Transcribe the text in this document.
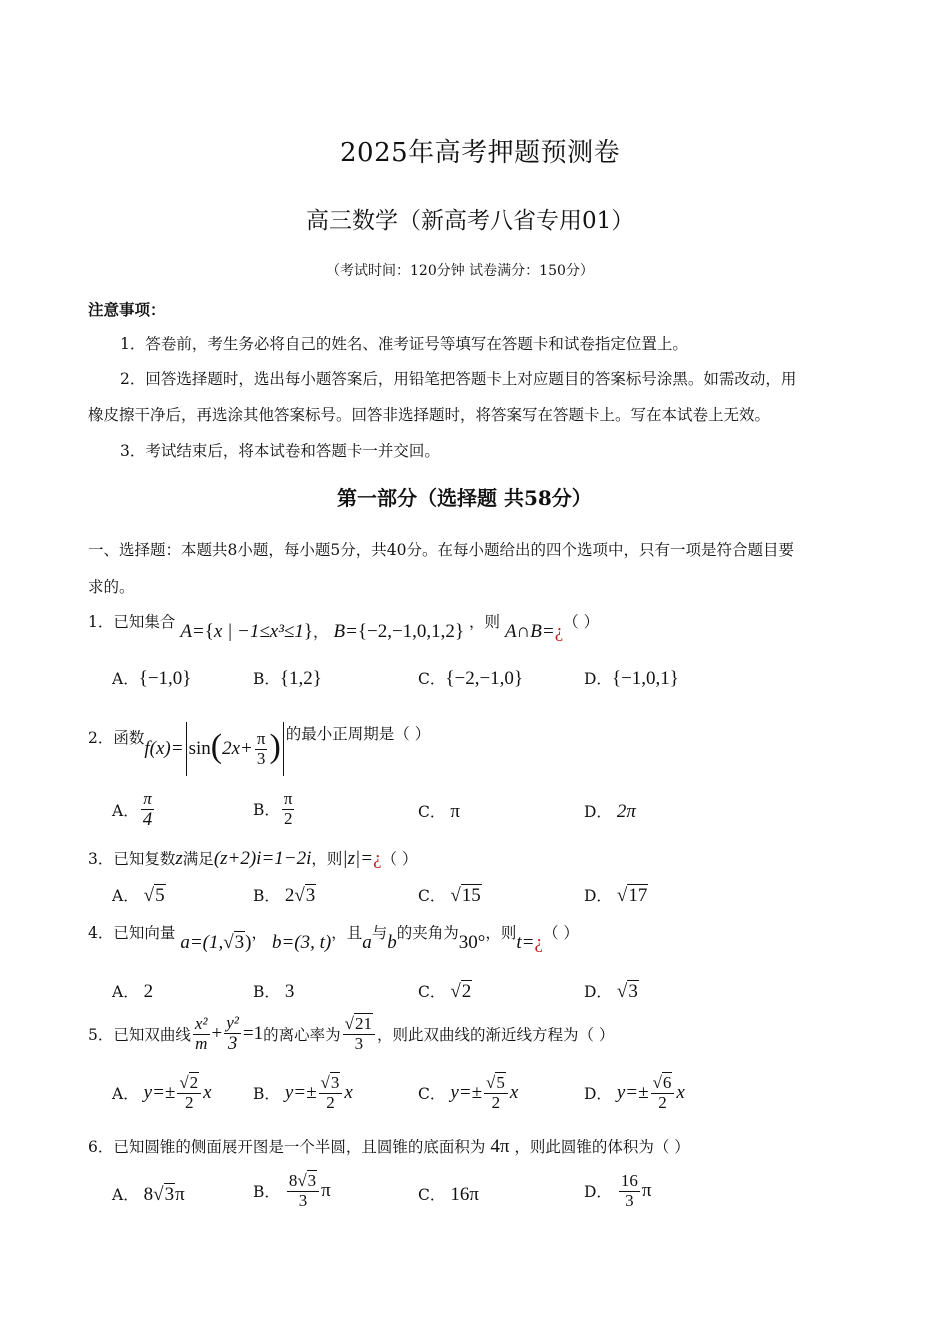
2025年高考押题预测卷
高三数学（新高考八省专用01）
（考试时间：120分钟 试卷满分：150分）
注意事项：
1．答卷前，考生务必将自己的姓名、准考证号等填写在答题卡和试卷指定位置上。
2．回答选择题时，选出每小题答案后，用铅笔把答题卡上对应题目的答案标号涂黑。如需改动，用
橡皮擦干净后，再选涂其他答案标号。回答非选择题时，将答案写在答题卡上。写在本试卷上无效。
3．考试结束后，将本试卷和答题卡一并交回。
第一部分（选择题 共58分）
一、选择题：本题共8小题，每小题5分，共40分。在每小题给出的四个选项中，只有一项是符合题目要
求的。
1．已知集合 A={x | −1≤x³≤1}， B={−2,−1,0,1,2} ，则 A∩B=¿（ ）
A．{−1,0}	B．{1,2}	C．{−2,−1,0}	D．{−1,0,1}
2． 函数 f(x)= sin ( $2x+ \frac{\pi}{3}$ ) 的最小正周期是（ ）
A． $\frac{\pi}{4}$	B． $\frac{\pi}{2}$	C． π	D． 2π
3．已知复数z满足(z+2)i=1−2i，则|z|=¿（ ）
A． √5	B． 2√3	C． √15	D． √17
4．已知向量 a=(1,√3)， b=(3, t)，且a与b的夹角为30°，则t=¿（ ）
A． 2	B． 3	C． √2	D． √3
5． 已知双曲线 $\frac{\text{x²}}{m} + \frac{\text{y²}}{3} =1$ 的离心率为 $\frac{√21}{3}$ ，则此双曲线的渐近线方程为（ ）
A．
$y=\pm \frac{√2}{2}$ x	B．
$y=\pm \frac{√3}{2}$ x	C．
$y=\pm \frac{√5}{2}$ x	D．
$y=\pm \frac{√6}{2}$ x
6．已知圆锥的侧面展开图是一个半圆，且圆锥的底面积为 4π ，则此圆锥的体积为（ ）
A． 8√3π	B．
$\frac{8√3}{3}$ π	C． 16π	D．
$\frac{16}{3}$ π
